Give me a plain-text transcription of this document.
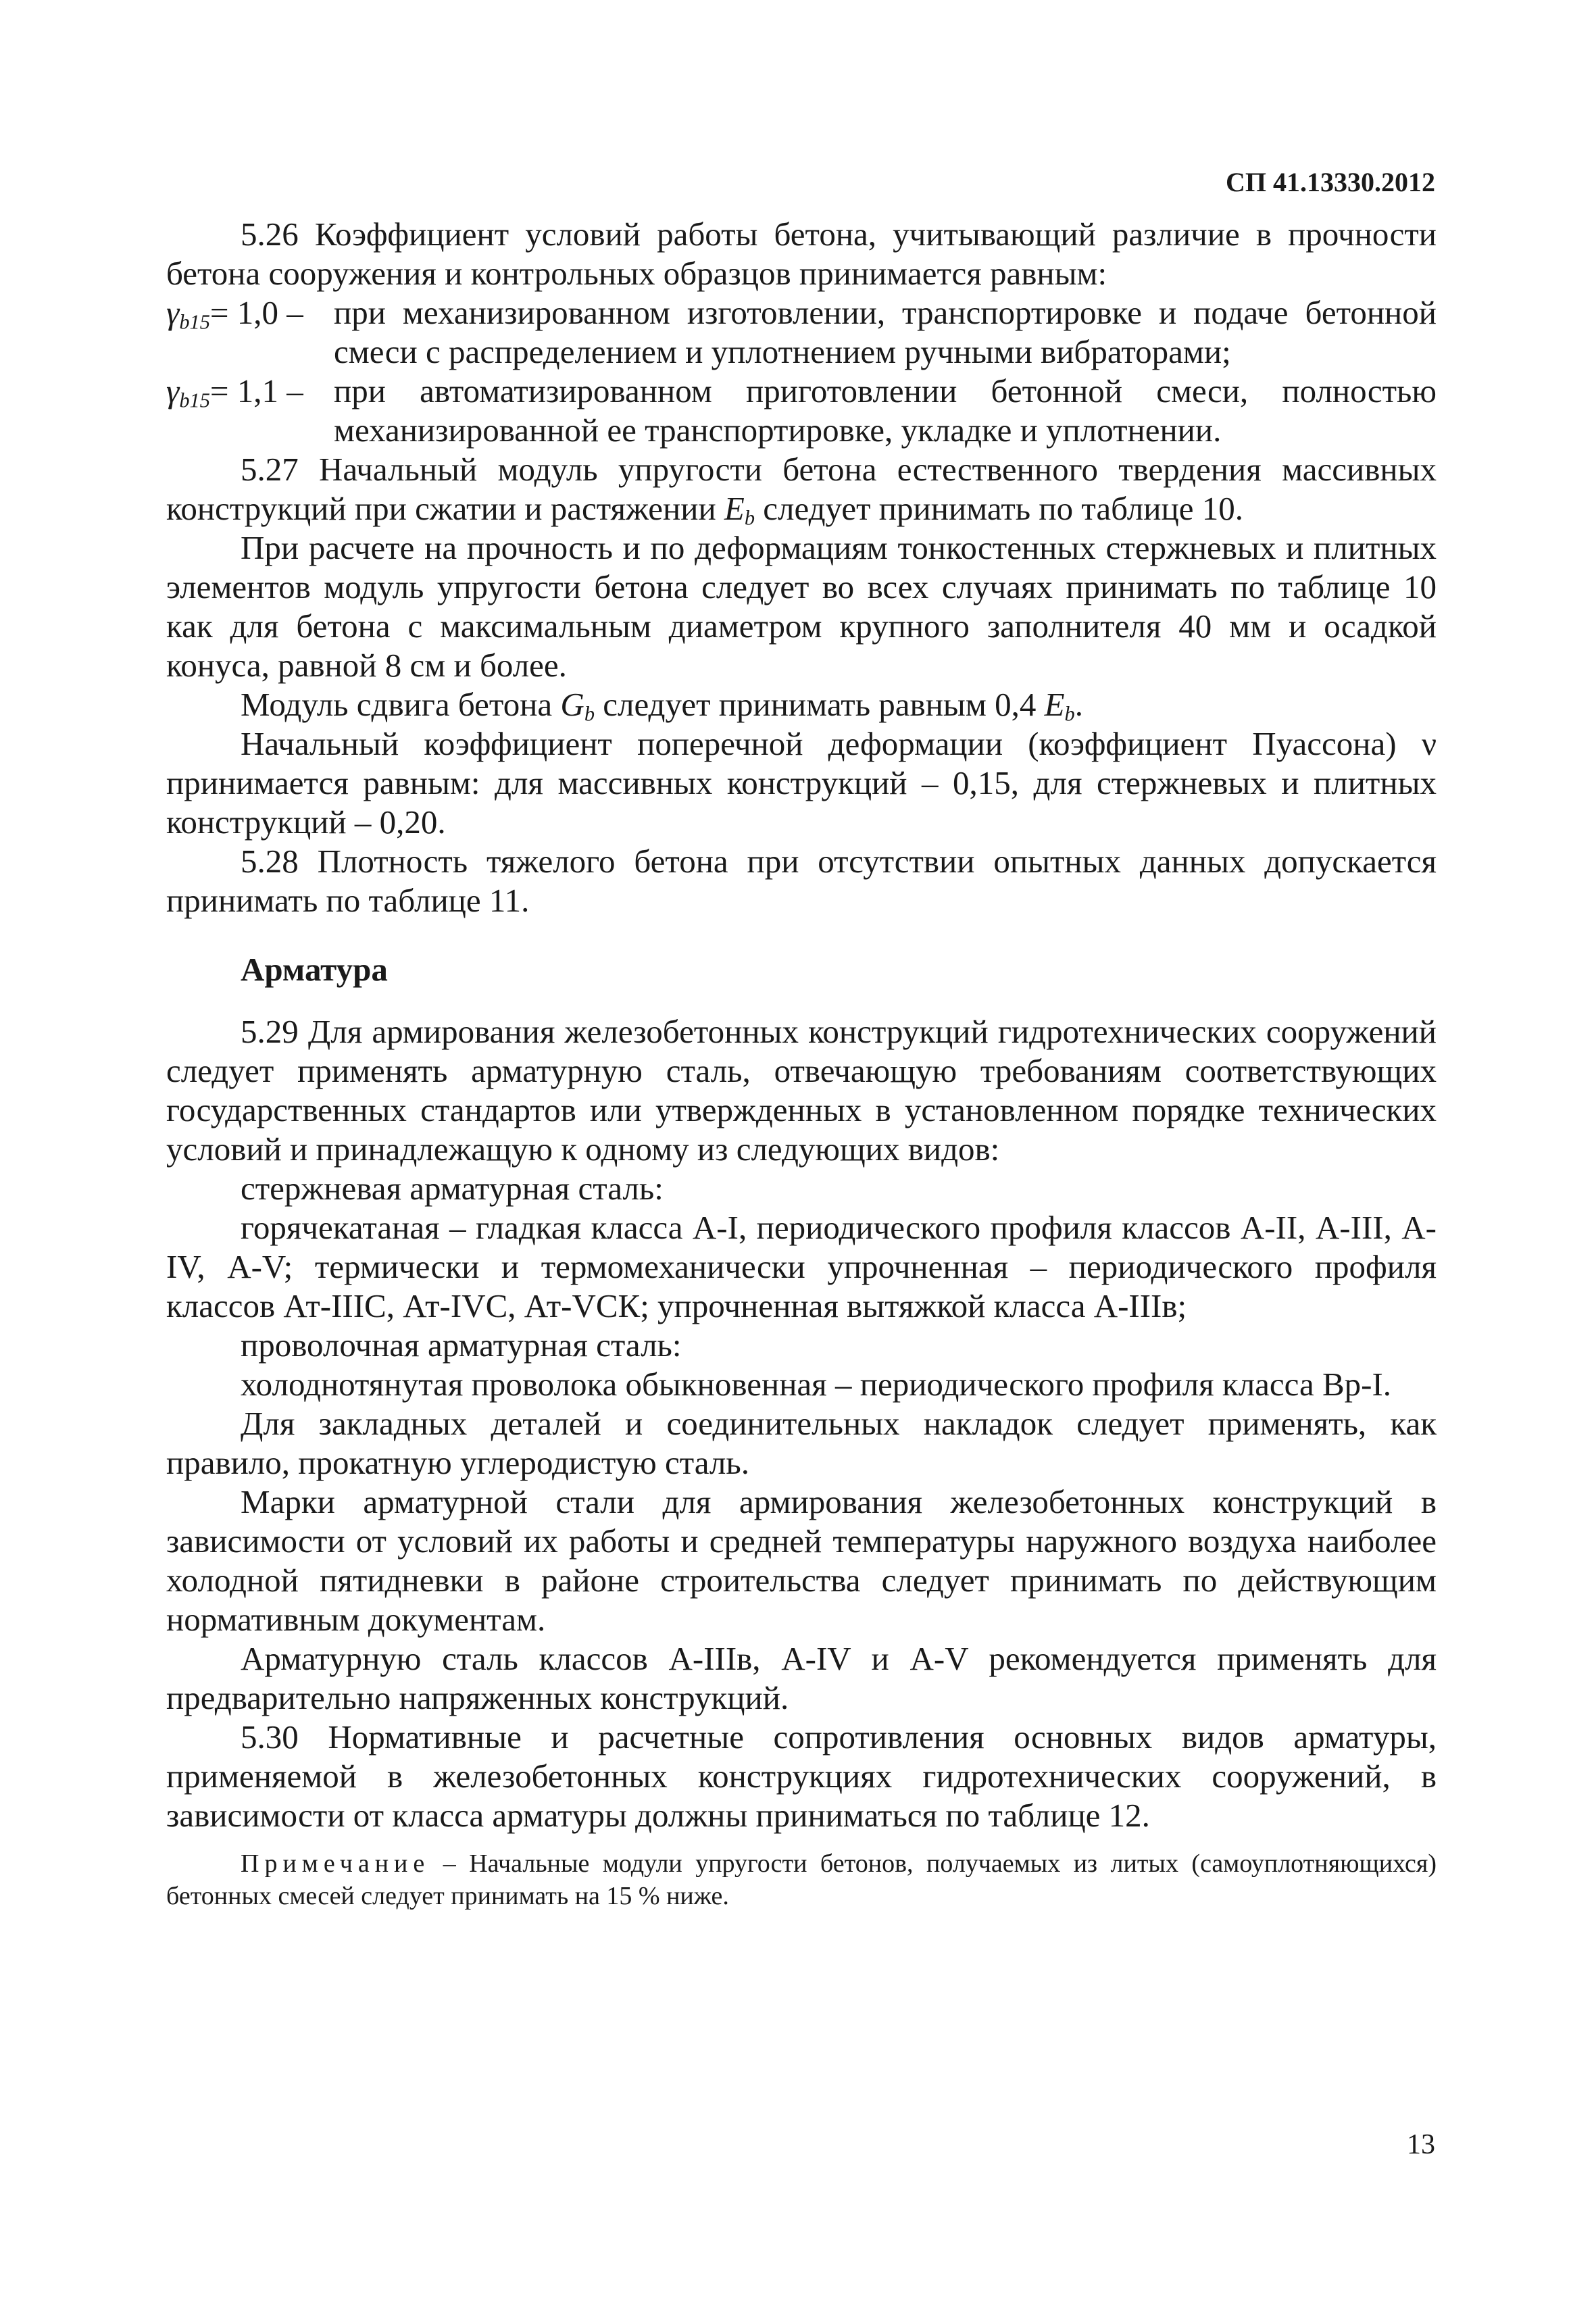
СП 41.13330.2012

5.26 Коэффициент условий работы бетона, учитывающий различие в прочности бетона сооружения и контрольных образцов принимается равным:

$\gamma_{b15}= 1,0$ – при механизированном изготовлении, транспортировке и подаче бетонной смеси с распределением и уплотнением ручными вибраторами;
$\gamma_{b15}= 1,1$ – при автоматизированном приготовлении бетонной смеси, полностью механизированной ее транспортировке, укладке и уплотнении.

5.27 Начальный модуль упругости бетона естественного твердения массивных конструкций при сжатии и растяжении $E_b$ следует принимать по таблице 10.

При расчете на прочность и по деформациям тонкостенных стержневых и плитных элементов модуль упругости бетона следует во всех случаях принимать по таблице 10 как для бетона с максимальным диаметром крупного заполнителя 40 мм и осадкой конуса, равной 8 см и более.

Модуль сдвига бетона $G_b$ следует принимать равным 0,4 $E_b$.

Начальный коэффициент поперечной деформации (коэффициент Пуассона) ν принимается равным: для массивных конструкций – 0,15, для стержневых и плитных конструкций – 0,20.

5.28 Плотность тяжелого бетона при отсутствии опытных данных допускается принимать по таблице 11.

Арматура

5.29 Для армирования железобетонных конструкций гидротехнических сооружений следует применять арматурную сталь, отвечающую требованиям соответствующих государственных стандартов или утвержденных в установленном порядке технических условий и принадлежащую к одному из следующих видов:

стержневая арматурная сталь:

горячекатаная – гладкая класса А-I, периодического профиля классов А-II, А-III, А-IV, А-V; термически и термомеханически упрочненная – периодического профиля классов Ат-IIIС, Ат-IVС, Ат-VСК; упрочненная вытяжкой класса А-IIIв;

проволочная арматурная сталь:

холоднотянутая проволока обыкновенная – периодического профиля класса Вр-I.

Для закладных деталей и соединительных накладок следует применять, как правило, прокатную углеродистую сталь.

Марки арматурной стали для армирования железобетонных конструкций в зависимости от условий их работы и средней температуры наружного воздуха наиболее холодной пятидневки в районе строительства следует принимать по действующим нормативным документам.

Арматурную сталь классов А-IIIв, А-IV и А-V рекомендуется применять для предварительно напряженных конструкций.

5.30 Нормативные и расчетные сопротивления основных видов арматуры, применяемой в железобетонных конструкциях гидротехнических сооружений, в зависимости от класса арматуры должны приниматься по таблице 12.

Примечание – Начальные модули упругости бетонов, получаемых из литых (самоуплотняющихся) бетонных смесей следует принимать на 15 % ниже.

13
